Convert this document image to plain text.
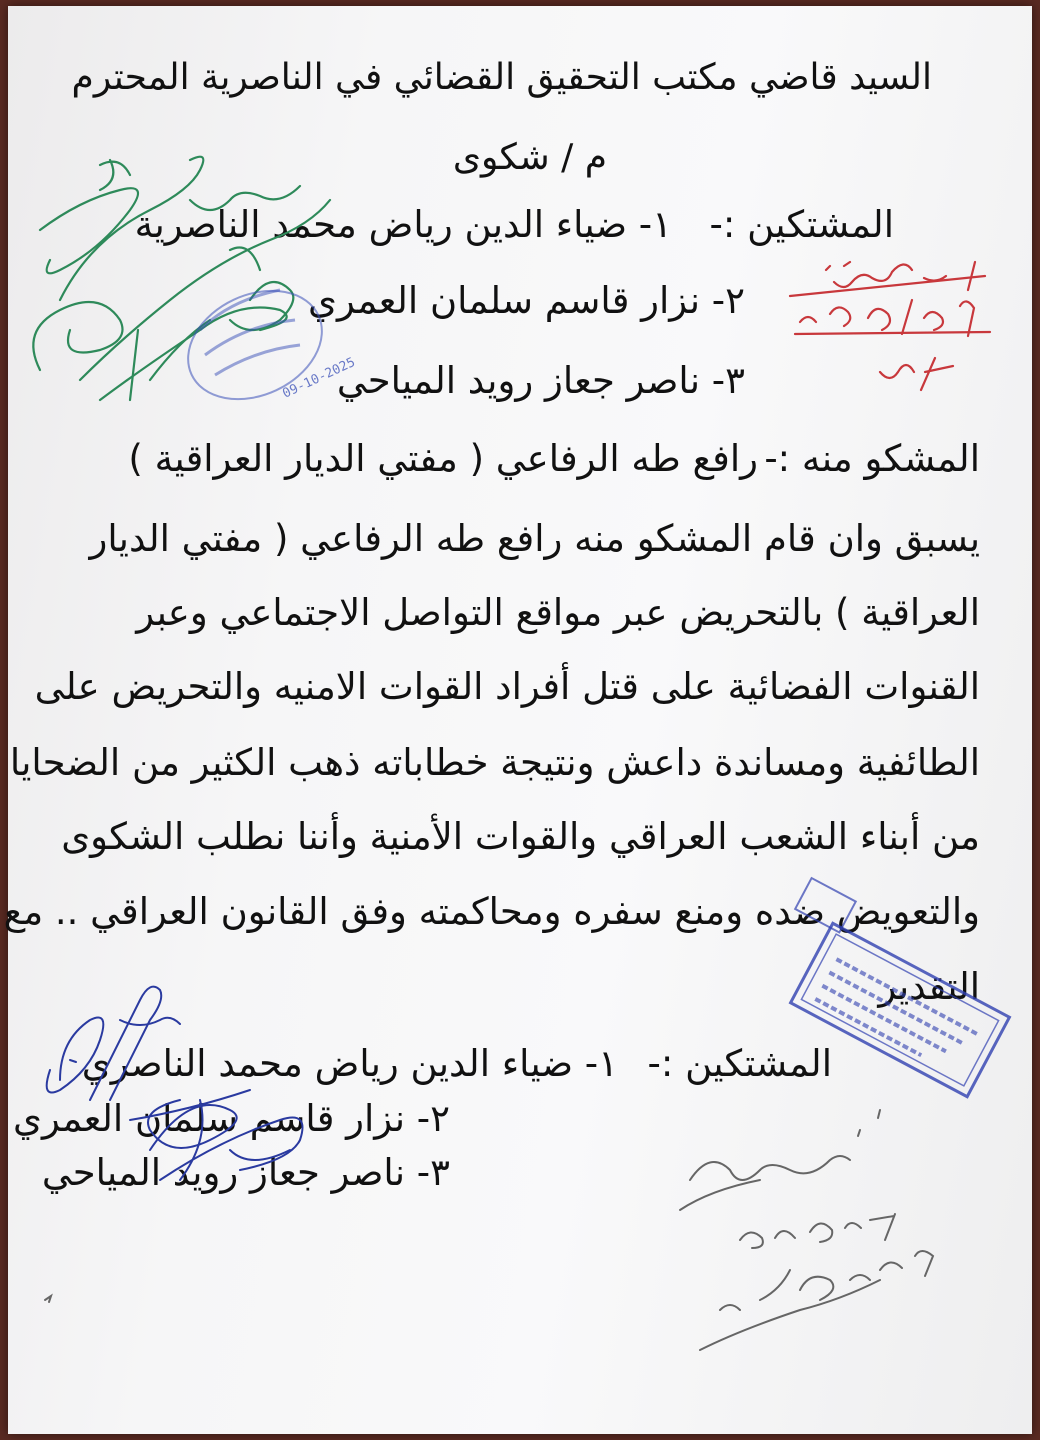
السيد قاضي مكتب التحقيق القضائي في الناصرية المحترم
م / شكوى
المشتكين :-
١- ضياء الدين رياض محمد الناصرية
٢- نزار قاسم سلمان العمري
٣- ناصر جعاز رويد المياحي
المشكو منه :-
رافع طه الرفاعي ( مفتي الديار العراقية )
يسبق وان قام المشكو منه رافع طه الرفاعي ( مفتي الديار
العراقية ) بالتحريض عبر مواقع التواصل الاجتماعي وعبر
القنوات الفضائية على قتل أفراد القوات الامنيه والتحريض على
الطائفية ومساندة داعش ونتيجة خطاباته ذهب الكثير من الضحايا
من أبناء الشعب العراقي والقوات الأمنية وأننا نطلب الشكوى
والتعويض ضده ومنع سفره ومحاكمته وفق القانون العراقي .. مع
التقدير
المشتكين :-
١- ضياء الدين رياض محمد الناصري
٢- نزار قاسم سلمان العمري
٣- ناصر جعاز رويد المياحي
09-10-2025
